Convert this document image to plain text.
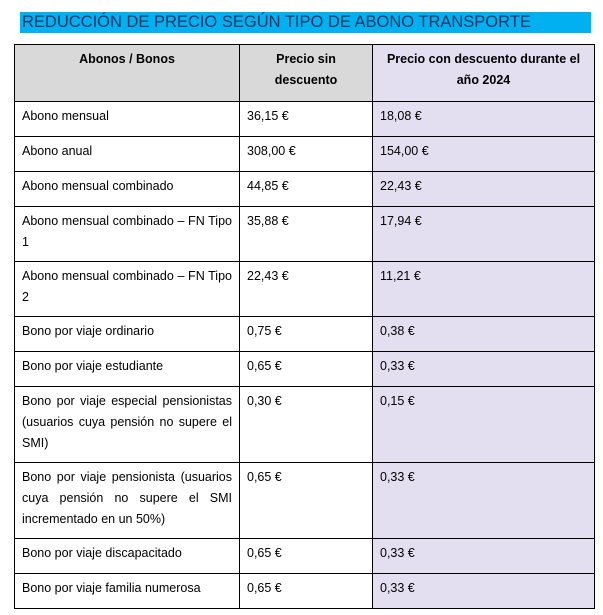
REDUCCIÓN DE PRECIO SEGÚN TIPO DE ABONO TRANSPORTE
Abonos / Bonos	Precio sin descuento	Precio con descuento durante el año 2024
Abono mensual	36,15 €	18,08 €
Abono anual	308,00 €	154,00 €
Abono mensual combinado	44,85 €	22,43 €
Abono mensual combinado – FN Tipo 1	35,88 €	17,94 €
Abono mensual combinado – FN Tipo 2	22,43 €	11,21 €
Bono por viaje ordinario	0,75 €	0,38 €
Bono por viaje estudiante	0,65 €	0,33 €
Bono por viaje especial pensionistas (usuarios cuya pensión no supere el SMI)	0,30 €	0,15 €
Bono por viaje pensionista (usuarios cuya pensión no supere el SMI incrementado en un 50%)	0,65 €	0,33 €
Bono por viaje discapacitado	0,65 €	0,33 €
Bono por viaje familia numerosa	0,65 €	0,33 €
